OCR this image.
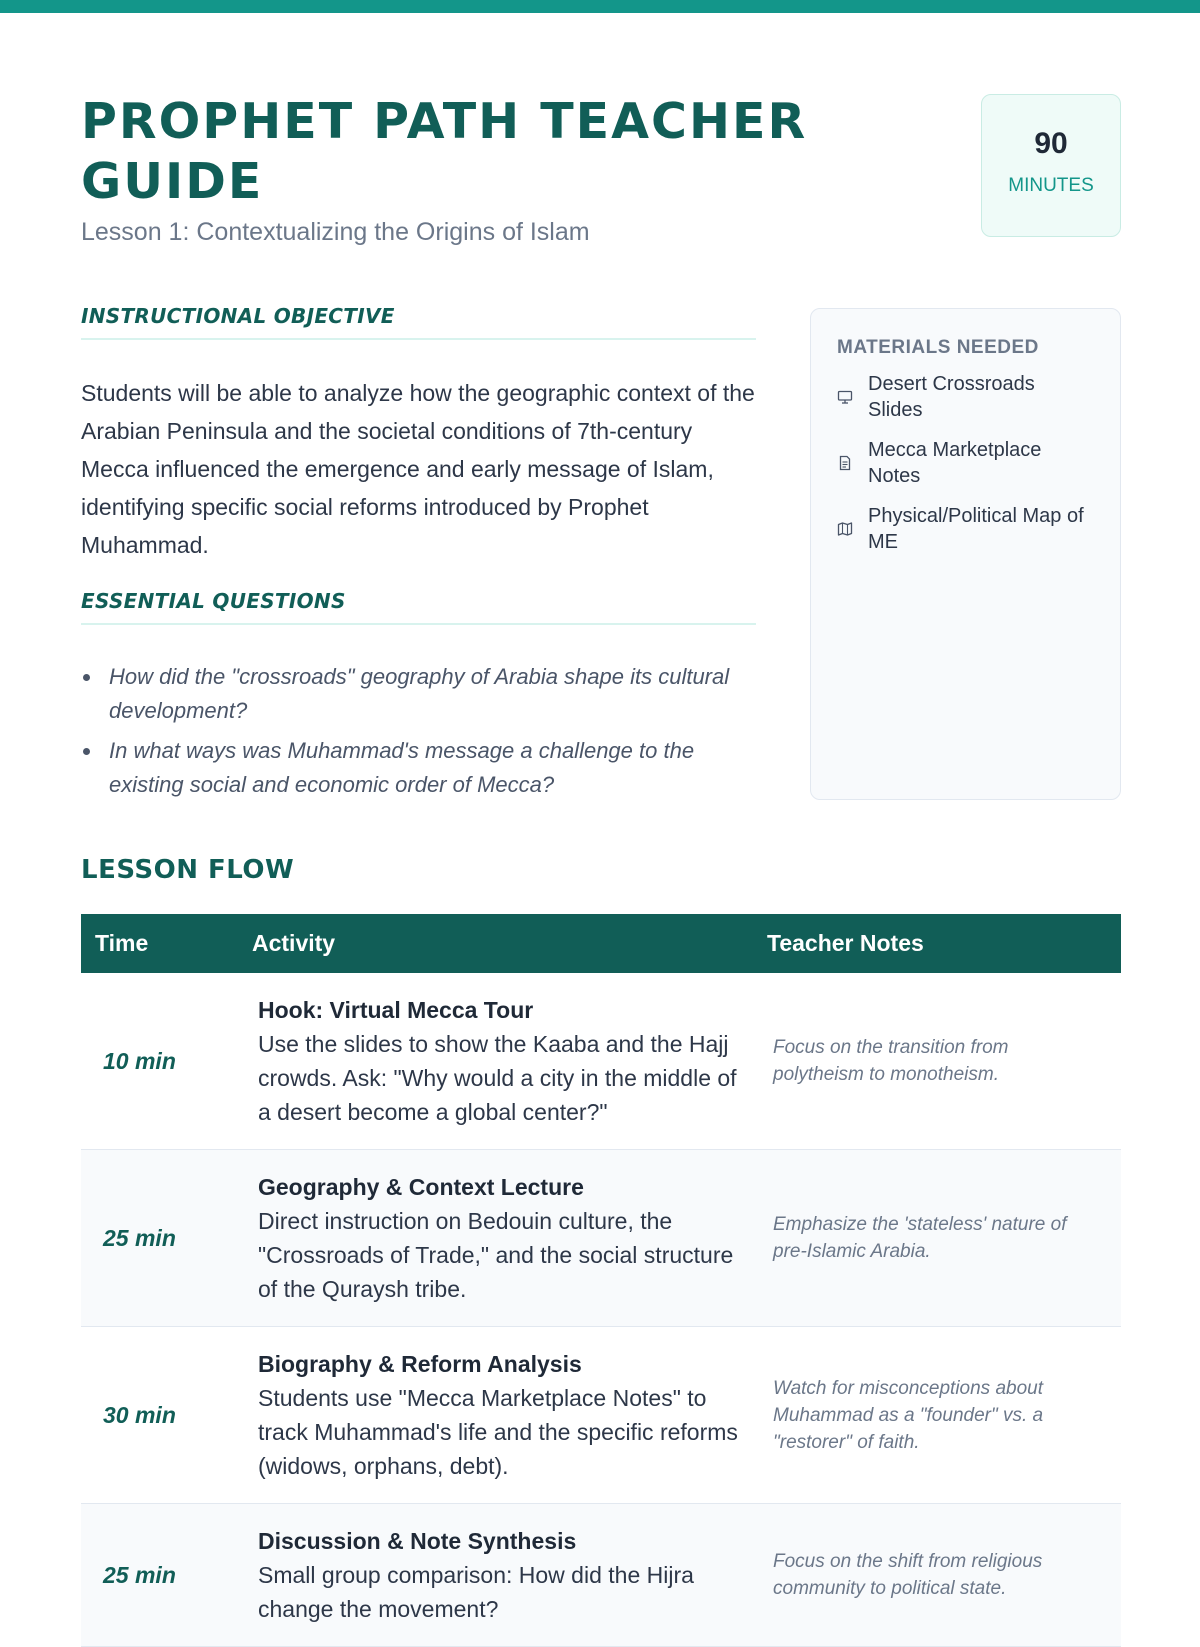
PROPHET PATH TEACHER GUIDE
Lesson 1: Contextualizing the Origins of Islam
90
MINUTES
INSTRUCTIONAL OBJECTIVE

Students will be able to analyze how the geographic context of the Arabian Peninsula and the societal conditions of 7th-century Mecca influenced the emergence and early message of Islam, identifying specific social reforms introduced by Prophet Muhammad.

ESSENTIAL QUESTIONS
How did the "crossroads" geography of Arabia shape its cultural development?
In what ways was Muhammad's message a challenge to the existing social and economic order of Mecca?
MATERIALS NEEDED
Desert Crossroads Slides
Mecca Marketplace Notes
Physical/Political Map of ME
LESSON FLOW
Time	Activity	Teacher Notes
10 min
Hook: Virtual Mecca Tour
Use the slides to show the Kaaba and the Hajj crowds. Ask: "Why would a city in the middle of a desert become a global center?"
Focus on the transition from polytheism to monotheism.
25 min
Geography & Context Lecture
Direct instruction on Bedouin culture, the "Crossroads of Trade," and the social structure of the Quraysh tribe.
Emphasize the 'stateless' nature of pre-Islamic Arabia.
30 min
Biography & Reform Analysis
Students use "Mecca Marketplace Notes" to track Muhammad's life and the specific reforms (widows, orphans, debt).
Watch for misconceptions about Muhammad as a "founder" vs. a "restorer" of faith.
25 min
Discussion & Note Synthesis
Small group comparison: How did the Hijra change the movement?
Focus on the shift from religious community to political state.
